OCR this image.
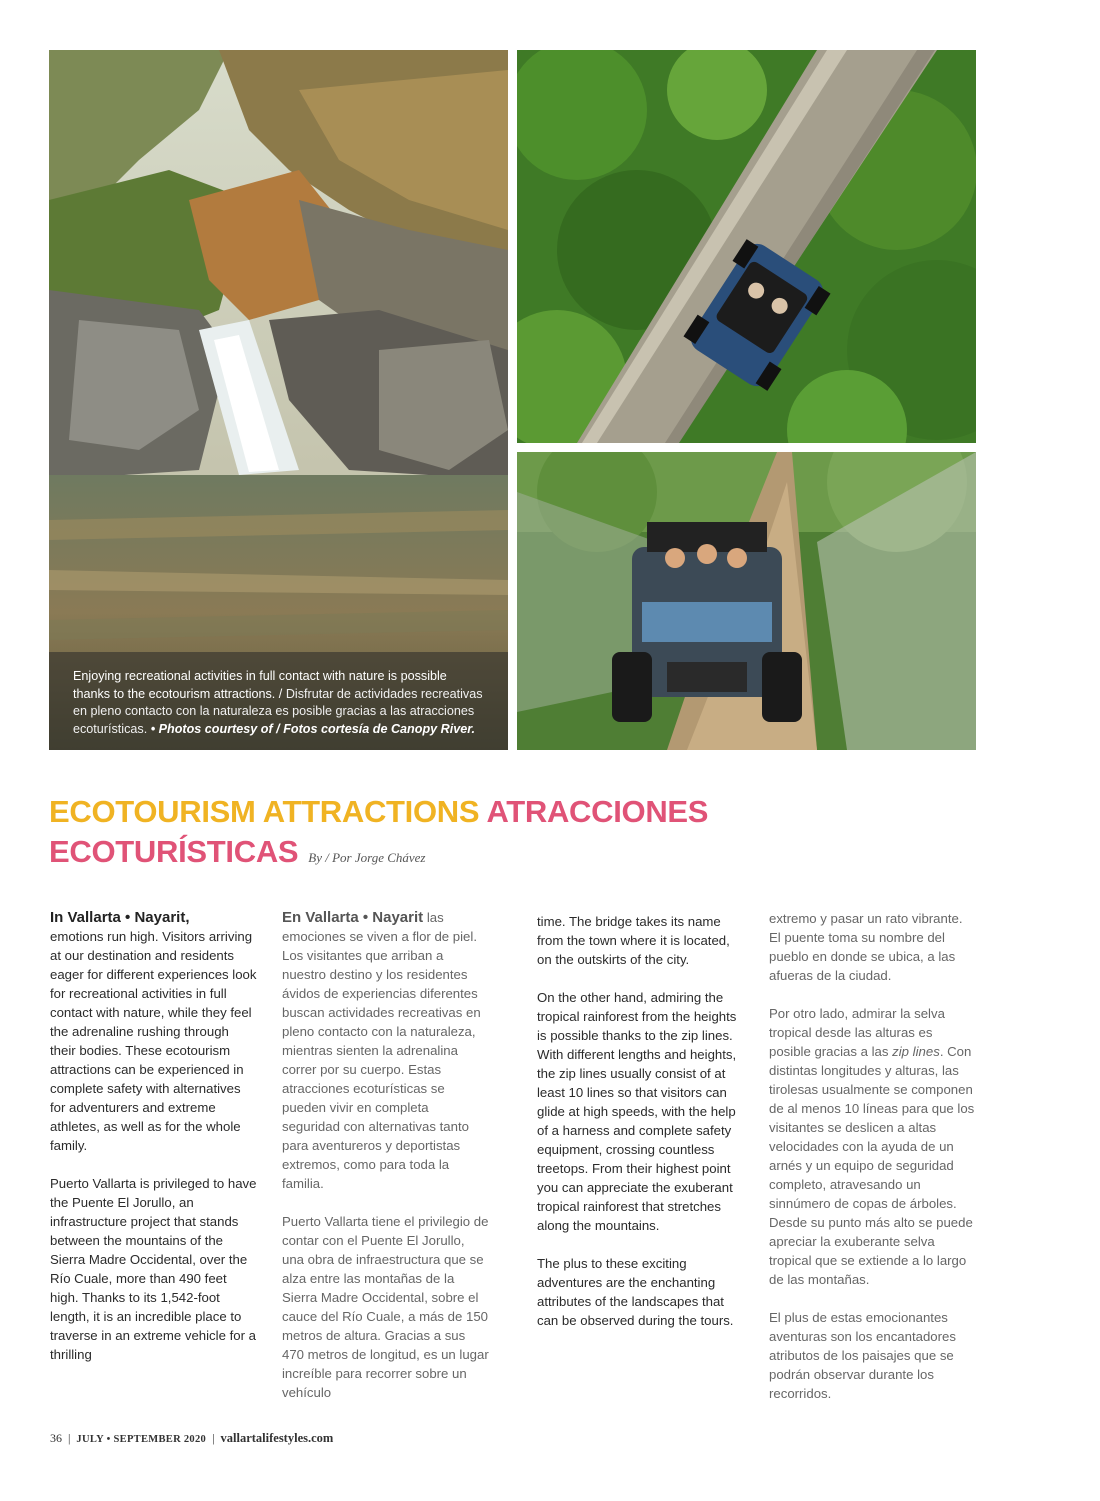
Enjoying recreational activities in full contact with nature is possible thanks to the ecotourism attractions. / Disfrutar de actividades recreativas en pleno contacto con la naturaleza es posible gracias a las atracciones ecoturísticas. • Photos courtesy of / Fotos cortesía de Canopy River.
ECOTOURISM ATTRACTIONS ATRACCIONES ECOTURÍSTICAS By / Por Jorge Chávez

In Vallarta • Nayarit,
emotions run high. Visitors arriving at our destination and residents eager for different experiences look for recreational activities in full contact with nature, while they feel the adrenaline rushing through their bodies. These ecotourism attractions can be experienced in complete safety with alternatives for adventurers and extreme athletes, as well as for the whole family.

Puerto Vallarta is privileged to have the Puente El Jorullo, an infrastructure project that stands between the mountains of the Sierra Madre Occidental, over the Río Cuale, more than 490 feet high. Thanks to its 1,542-foot length, it is an incredible place to traverse in an extreme vehicle for a thrilling

En Vallarta • Nayarit las emociones se viven a flor de piel. Los visitantes que arriban a nuestro destino y los residentes ávidos de experiencias diferentes buscan actividades recreativas en pleno contacto con la naturaleza, mientras sienten la adrenalina correr por su cuerpo. Estas atracciones ecoturísticas se pueden vivir en completa seguridad con alternativas tanto para aventureros y deportistas extremos, como para toda la familia.

Puerto Vallarta tiene el privilegio de contar con el Puente El Jorullo, una obra de infraestructura que se alza entre las montañas de la Sierra Madre Occidental, sobre el cauce del Río Cuale, a más de 150 metros de altura. Gracias a sus 470 metros de longitud, es un lugar increíble para recorrer sobre un vehículo

time. The bridge takes its name from the town where it is located, on the outskirts of the city.

On the other hand, admiring the tropical rainforest from the heights is possible thanks to the zip lines. With different lengths and heights, the zip lines usually consist of at least 10 lines so that visitors can glide at high speeds, with the help of a harness and complete safety equipment, crossing countless treetops. From their highest point you can appreciate the exuberant tropical rainforest that stretches along the mountains.

The plus to these exciting adventures are the enchanting attributes of the landscapes that can be observed during the tours.

extremo y pasar un rato vibrante. El puente toma su nombre del pueblo en donde se ubica, a las afueras de la ciudad.

Por otro lado, admirar la selva tropical desde las alturas es posible gracias a las zip lines. Con distintas longitudes y alturas, las tirolesas usualmente se componen de al menos 10 líneas para que los visitantes se deslicen a altas velocidades con la ayuda de un arnés y un equipo de seguridad completo, atravesando un sinnúmero de copas de árboles. Desde su punto más alto se puede apreciar la exuberante selva tropical que se extiende a lo largo de las montañas.

El plus de estas emocionantes aventuras son los encantadores atributos de los paisajes que se podrán observar durante los recorridos.

36 | JULY • SEPTEMBER 2020 | vallartalifestyles.com
